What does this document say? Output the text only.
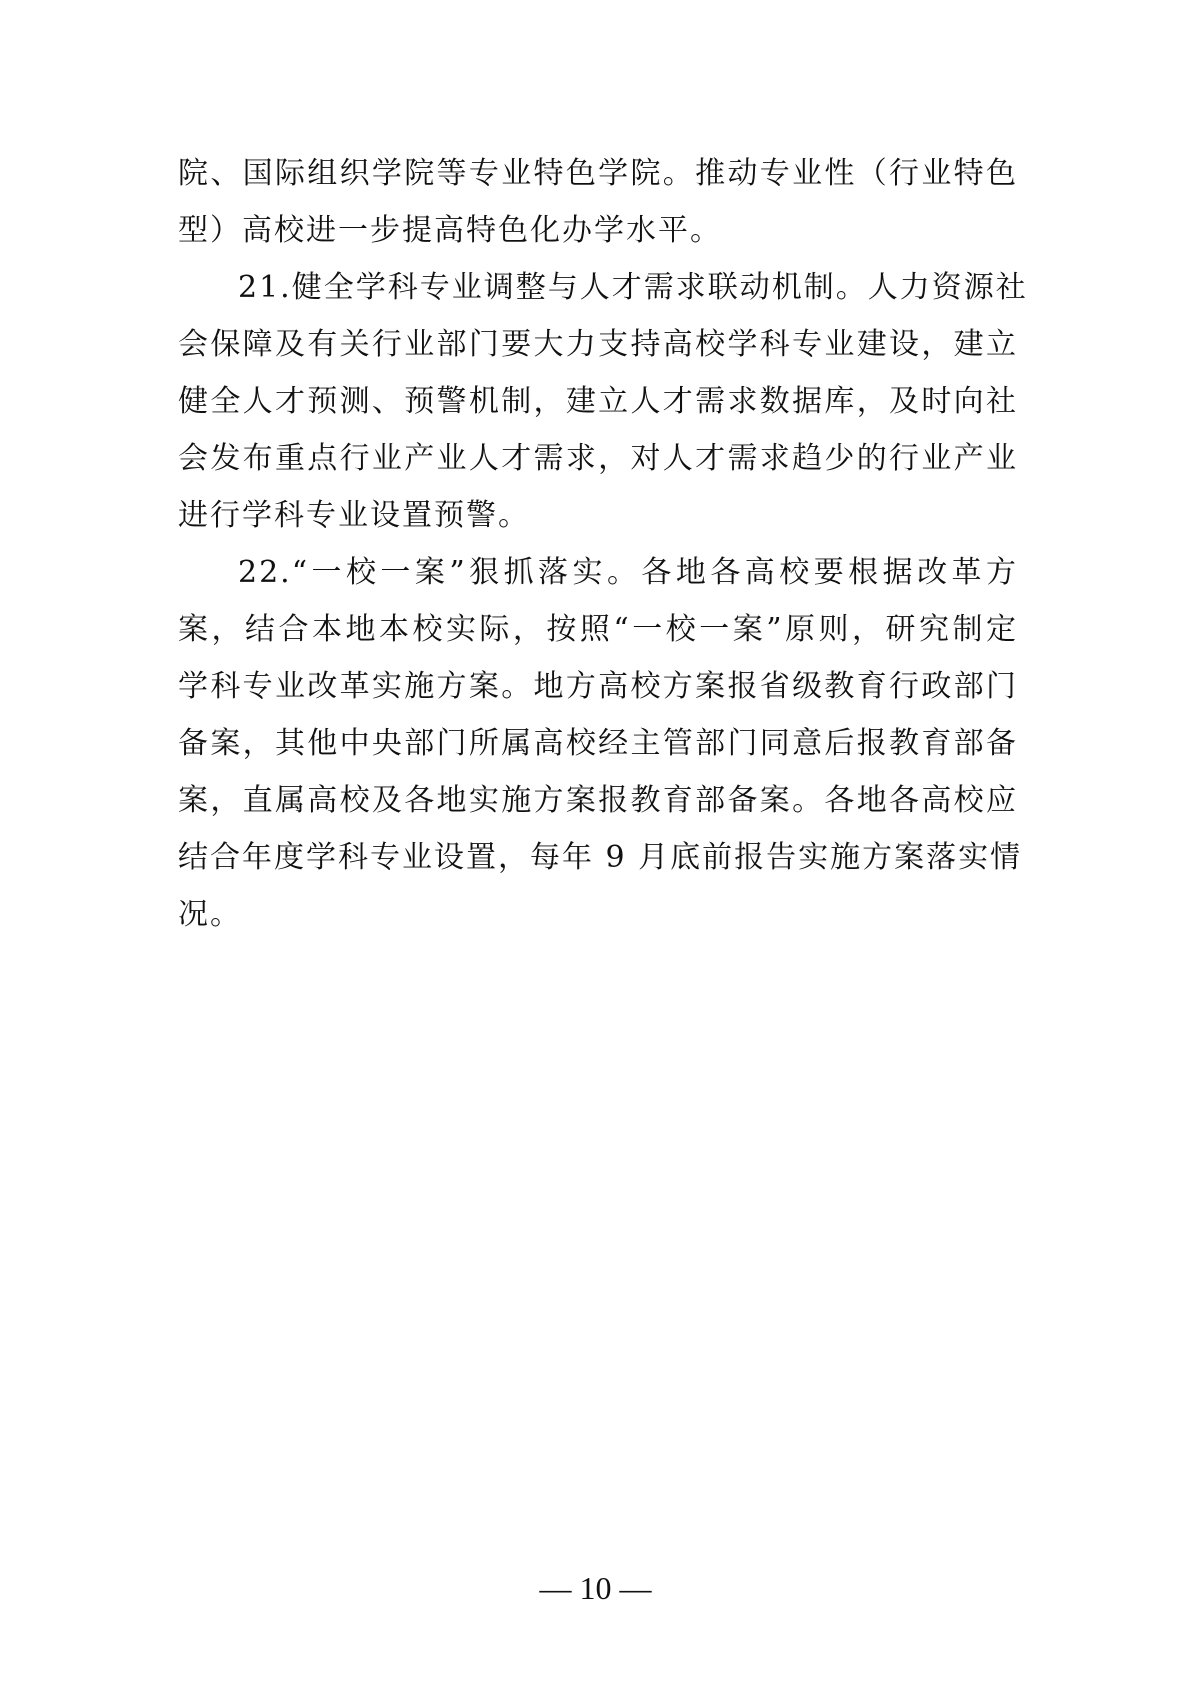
院、国际组织学院等专业特色学院。推动专业性（行业特色
型）高校进一步提高特色化办学水平。
21.健全学科专业调整与人才需求联动机制。人力资源社
会保障及有关行业部门要大力支持高校学科专业建设，建立
健全人才预测、预警机制，建立人才需求数据库，及时向社
会发布重点行业产业人才需求，对人才需求趋少的行业产业
进行学科专业设置预警。
22.“一校一案”狠抓落实。各地各高校要根据改革方
案，结合本地本校实际，按照“一校一案”原则，研究制定
学科专业改革实施方案。地方高校方案报省级教育行政部门
备案，其他中央部门所属高校经主管部门同意后报教育部备
案，直属高校及各地实施方案报教育部备案。各地各高校应
结合年度学科专业设置，每年 9 月底前报告实施方案落实情
况。
— 10 —
